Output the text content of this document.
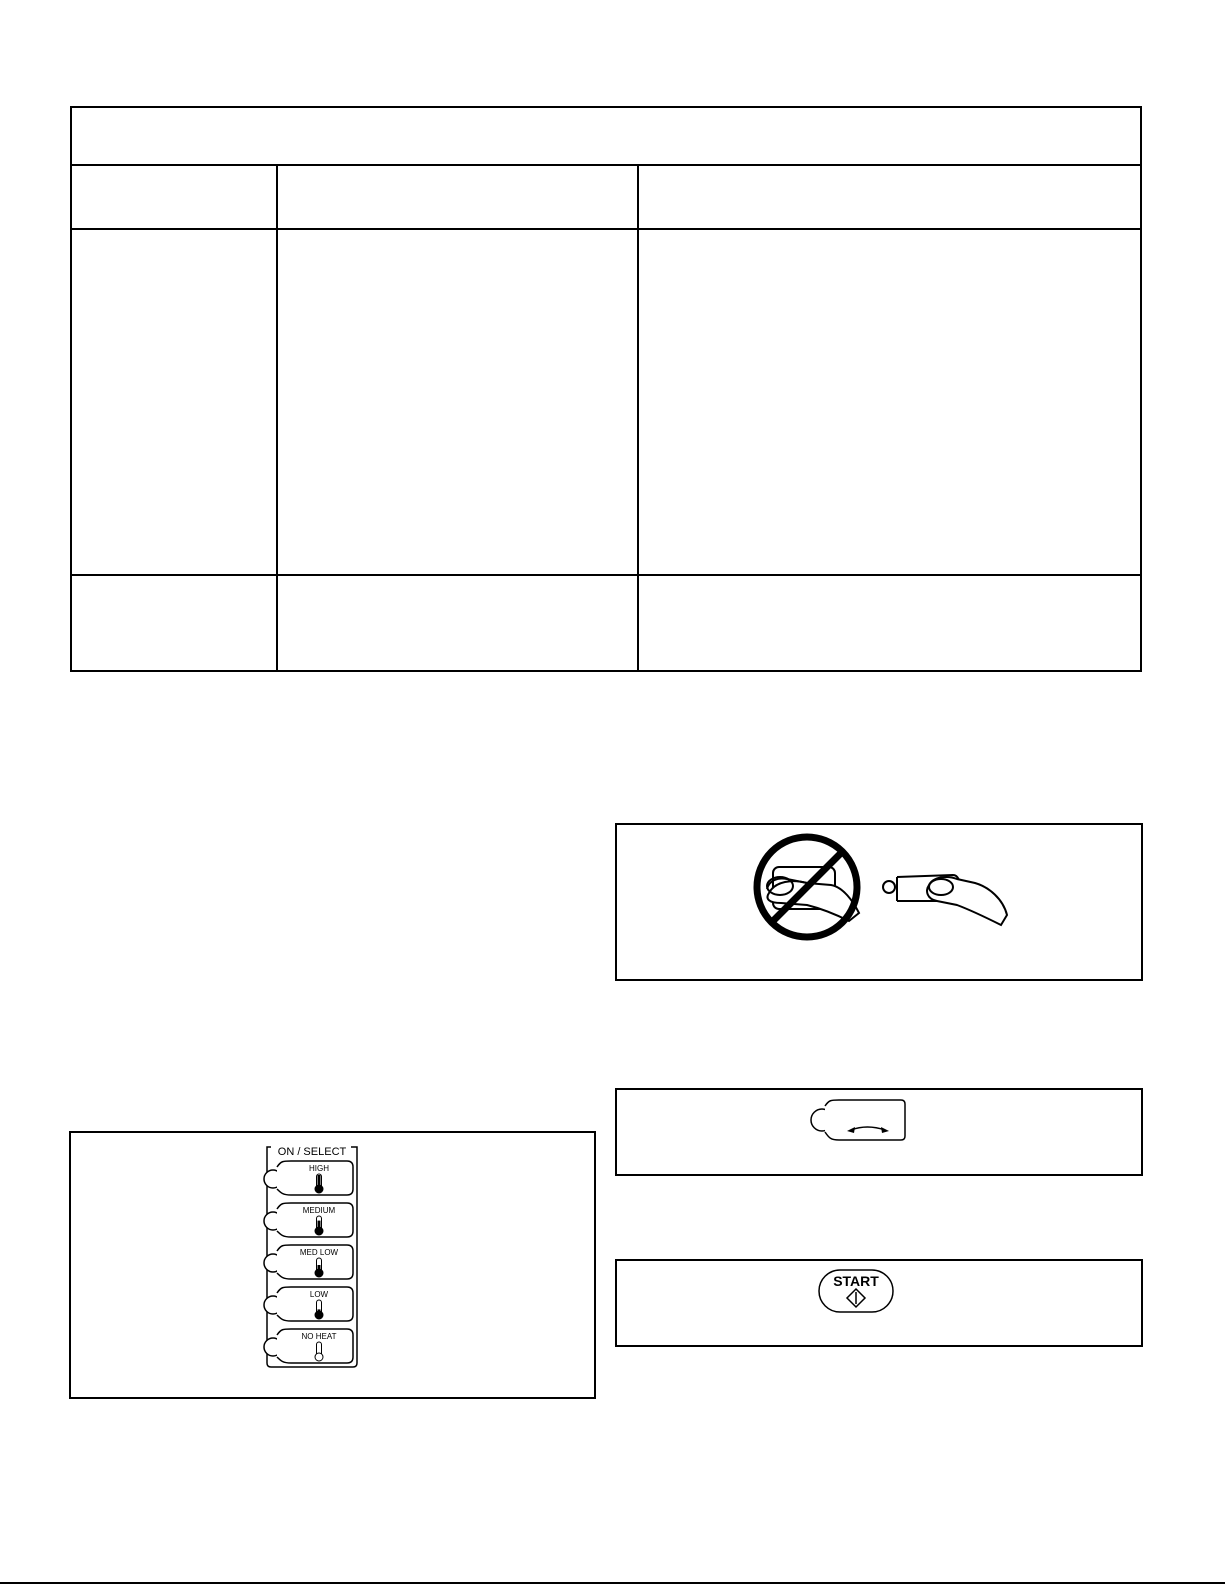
ON / SELECT
HIGH
MEDIUM
MED LOW
LOW
NO HEAT
START
